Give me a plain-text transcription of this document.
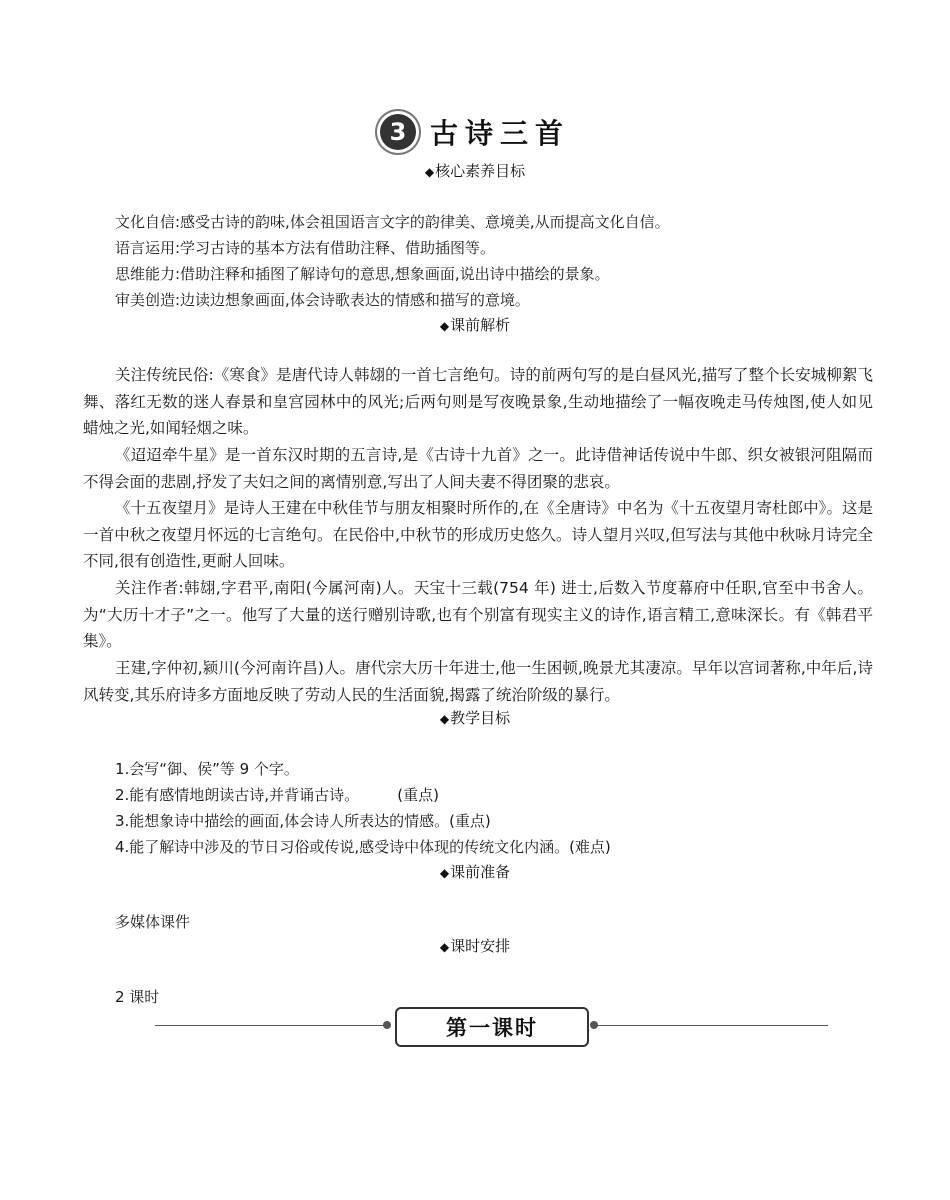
3 古诗三首
◆核心素养目标
文化自信:感受古诗的韵味,体会祖国语言文字的韵律美、意境美,从而提高文化自信。
语言运用:学习古诗的基本方法有借助注释、借助插图等。
思维能力:借助注释和插图了解诗句的意思,想象画面,说出诗中描绘的景象。
审美创造:边读边想象画面,体会诗歌表达的情感和描写的意境。
◆课前解析
关注传统民俗:《寒食》是唐代诗人韩翃的一首七言绝句。诗的前两句写的是白昼风光,描写了整个长安城柳絮飞舞、落红无数的迷人春景和皇宫园林中的风光;后两句则是写夜晚景象,生动地描绘了一幅夜晚走马传烛图,使人如见蜡烛之光,如闻轻烟之味。
《迢迢牵牛星》是一首东汉时期的五言诗,是《古诗十九首》之一。此诗借神话传说中牛郎、织女被银河阻隔而不得会面的悲剧,抒发了夫妇之间的离情别意,写出了人间夫妻不得团聚的悲哀。
《十五夜望月》是诗人王建在中秋佳节与朋友相聚时所作的,在《全唐诗》中名为《十五夜望月寄杜郎中》。这是一首中秋之夜望月怀远的七言绝句。在民俗中,中秋节的形成历史悠久。诗人望月兴叹,但写法与其他中秋咏月诗完全不同,很有创造性,更耐人回味。
关注作者:韩翃,字君平,南阳(今属河南)人。天宝十三载(754 年) 进士,后数入节度幕府中任职,官至中书舍人。为“大历十才子”之一。他写了大量的送行赠别诗歌,也有个别富有现实主义的诗作,语言精工,意味深长。有《韩君平集》。
王建,字仲初,颍川(今河南许昌)人。唐代宗大历十年进士,他一生困顿,晚景尤其凄凉。早年以宫词著称,中年后,诗风转变,其乐府诗多方面地反映了劳动人民的生活面貌,揭露了统治阶级的暴行。
◆教学目标
1.会写“御、侯”等 9 个字。
2.能有感情地朗读古诗,并背诵古诗。        (重点)
3.能想象诗中描绘的画面,体会诗人所表达的情感。(重点)
4.能了解诗中涉及的节日习俗或传说,感受诗中体现的传统文化内涵。(难点)
◆课前准备
多媒体课件
◆课时安排
2 课时
第一课时
